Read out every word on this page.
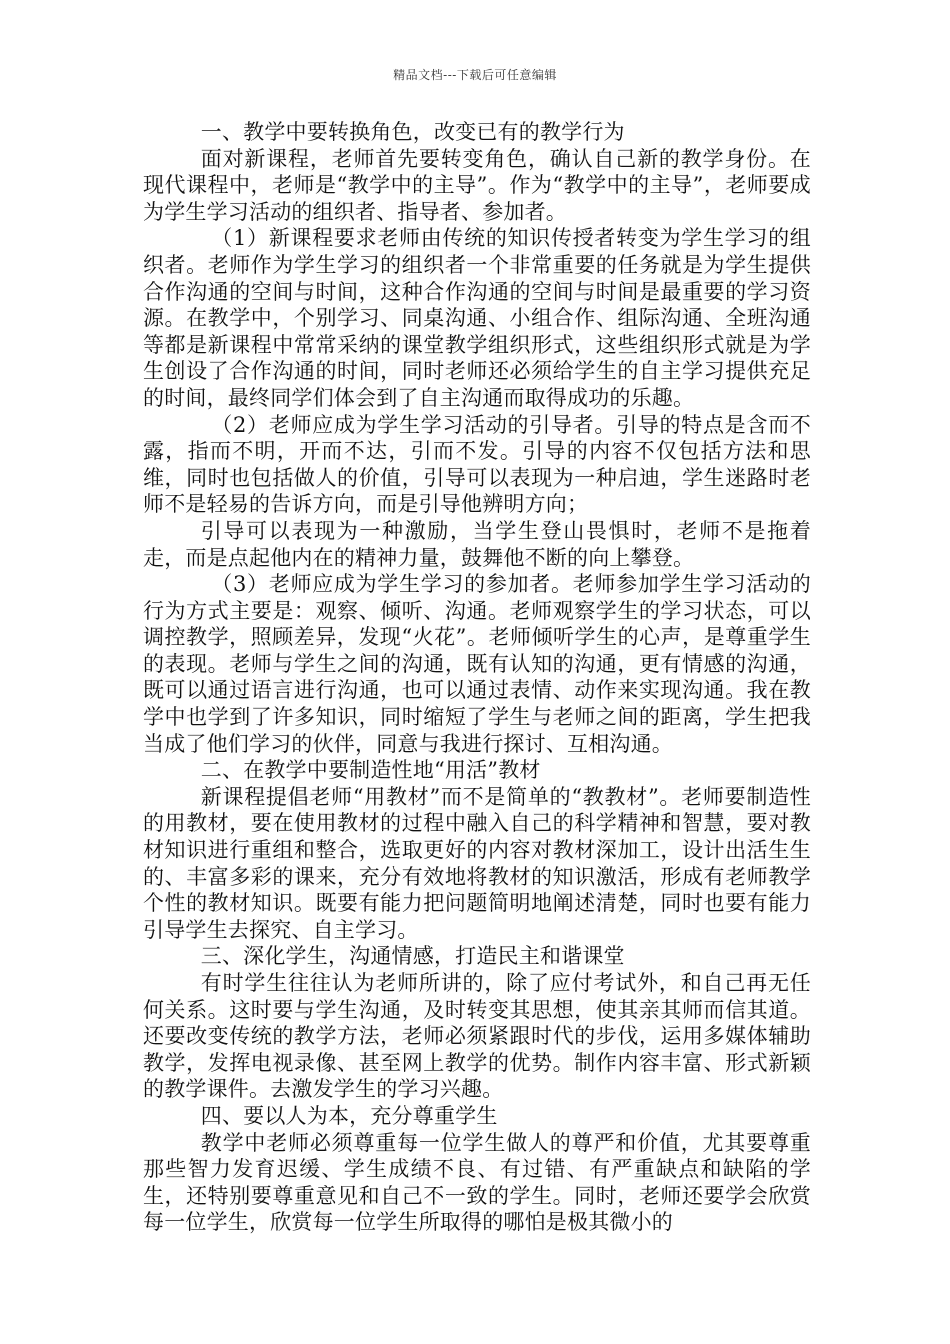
精品文档---下载后可任意编辑

一、教学中要转换角色，改变已有的教学行为

面对新课程，老师首先要转变角色，确认自己新的教学身份。在现代课程中，老师是“教学中的主导”。作为“教学中的主导”，老师要成为学生学习活动的组织者、指导者、参加者。

（1）新课程要求老师由传统的知识传授者转变为学生学习的组织者。老师作为学生学习的组织者一个非常重要的任务就是为学生提供合作沟通的空间与时间，这种合作沟通的空间与时间是最重要的学习资源。在教学中，个别学习、同桌沟通、小组合作、组际沟通、全班沟通等都是新课程中常常采纳的课堂教学组织形式，这些组织形式就是为学生创设了合作沟通的时间，同时老师还必须给学生的自主学习提供充足的时间，最终同学们体会到了自主沟通而取得成功的乐趣。

（2）老师应成为学生学习活动的引导者。引导的特点是含而不露，指而不明，开而不达，引而不发。引导的内容不仅包括方法和思维，同时也包括做人的价值，引导可以表现为一种启迪，学生迷路时老师不是轻易的告诉方向，而是引导他辨明方向；

引导可以表现为一种激励，当学生登山畏惧时，老师不是拖着走，而是点起他内在的精神力量，鼓舞他不断的向上攀登。

（3）老师应成为学生学习的参加者。老师参加学生学习活动的行为方式主要是：观察、倾听、沟通。老师观察学生的学习状态，可以调控教学，照顾差异，发现“火花”。老师倾听学生的心声，是尊重学生的表现。老师与学生之间的沟通，既有认知的沟通，更有情感的沟通，既可以通过语言进行沟通，也可以通过表情、动作来实现沟通。我在教学中也学到了许多知识，同时缩短了学生与老师之间的距离，学生把我当成了他们学习的伙伴，同意与我进行探讨、互相沟通。

二、在教学中要制造性地“用活”教材

新课程提倡老师“用教材”而不是简单的“教教材”。老师要制造性的用教材，要在使用教材的过程中融入自己的科学精神和智慧，要对教材知识进行重组和整合，选取更好的内容对教材深加工，设计出活生生的、丰富多彩的课来，充分有效地将教材的知识激活，形成有老师教学个性的教材知识。既要有能力把问题简明地阐述清楚，同时也要有能力引导学生去探究、自主学习。

三、深化学生，沟通情感，打造民主和谐课堂

有时学生往往认为老师所讲的，除了应付考试外，和自己再无任何关系。这时要与学生沟通，及时转变其思想，使其亲其师而信其道。还要改变传统的教学方法，老师必须紧跟时代的步伐，运用多媒体辅助教学，发挥电视录像、甚至网上教学的优势。制作内容丰富、形式新颖的教学课件。去激发学生的学习兴趣。

四、要以人为本，充分尊重学生

教学中老师必须尊重每一位学生做人的尊严和价值，尤其要尊重那些智力发育迟缓、学生成绩不良、有过错、有严重缺点和缺陷的学生，还特别要尊重意见和自己不一致的学生。同时，老师还要学会欣赏每一位学生，欣赏每一位学生所取得的哪怕是极其微小的
